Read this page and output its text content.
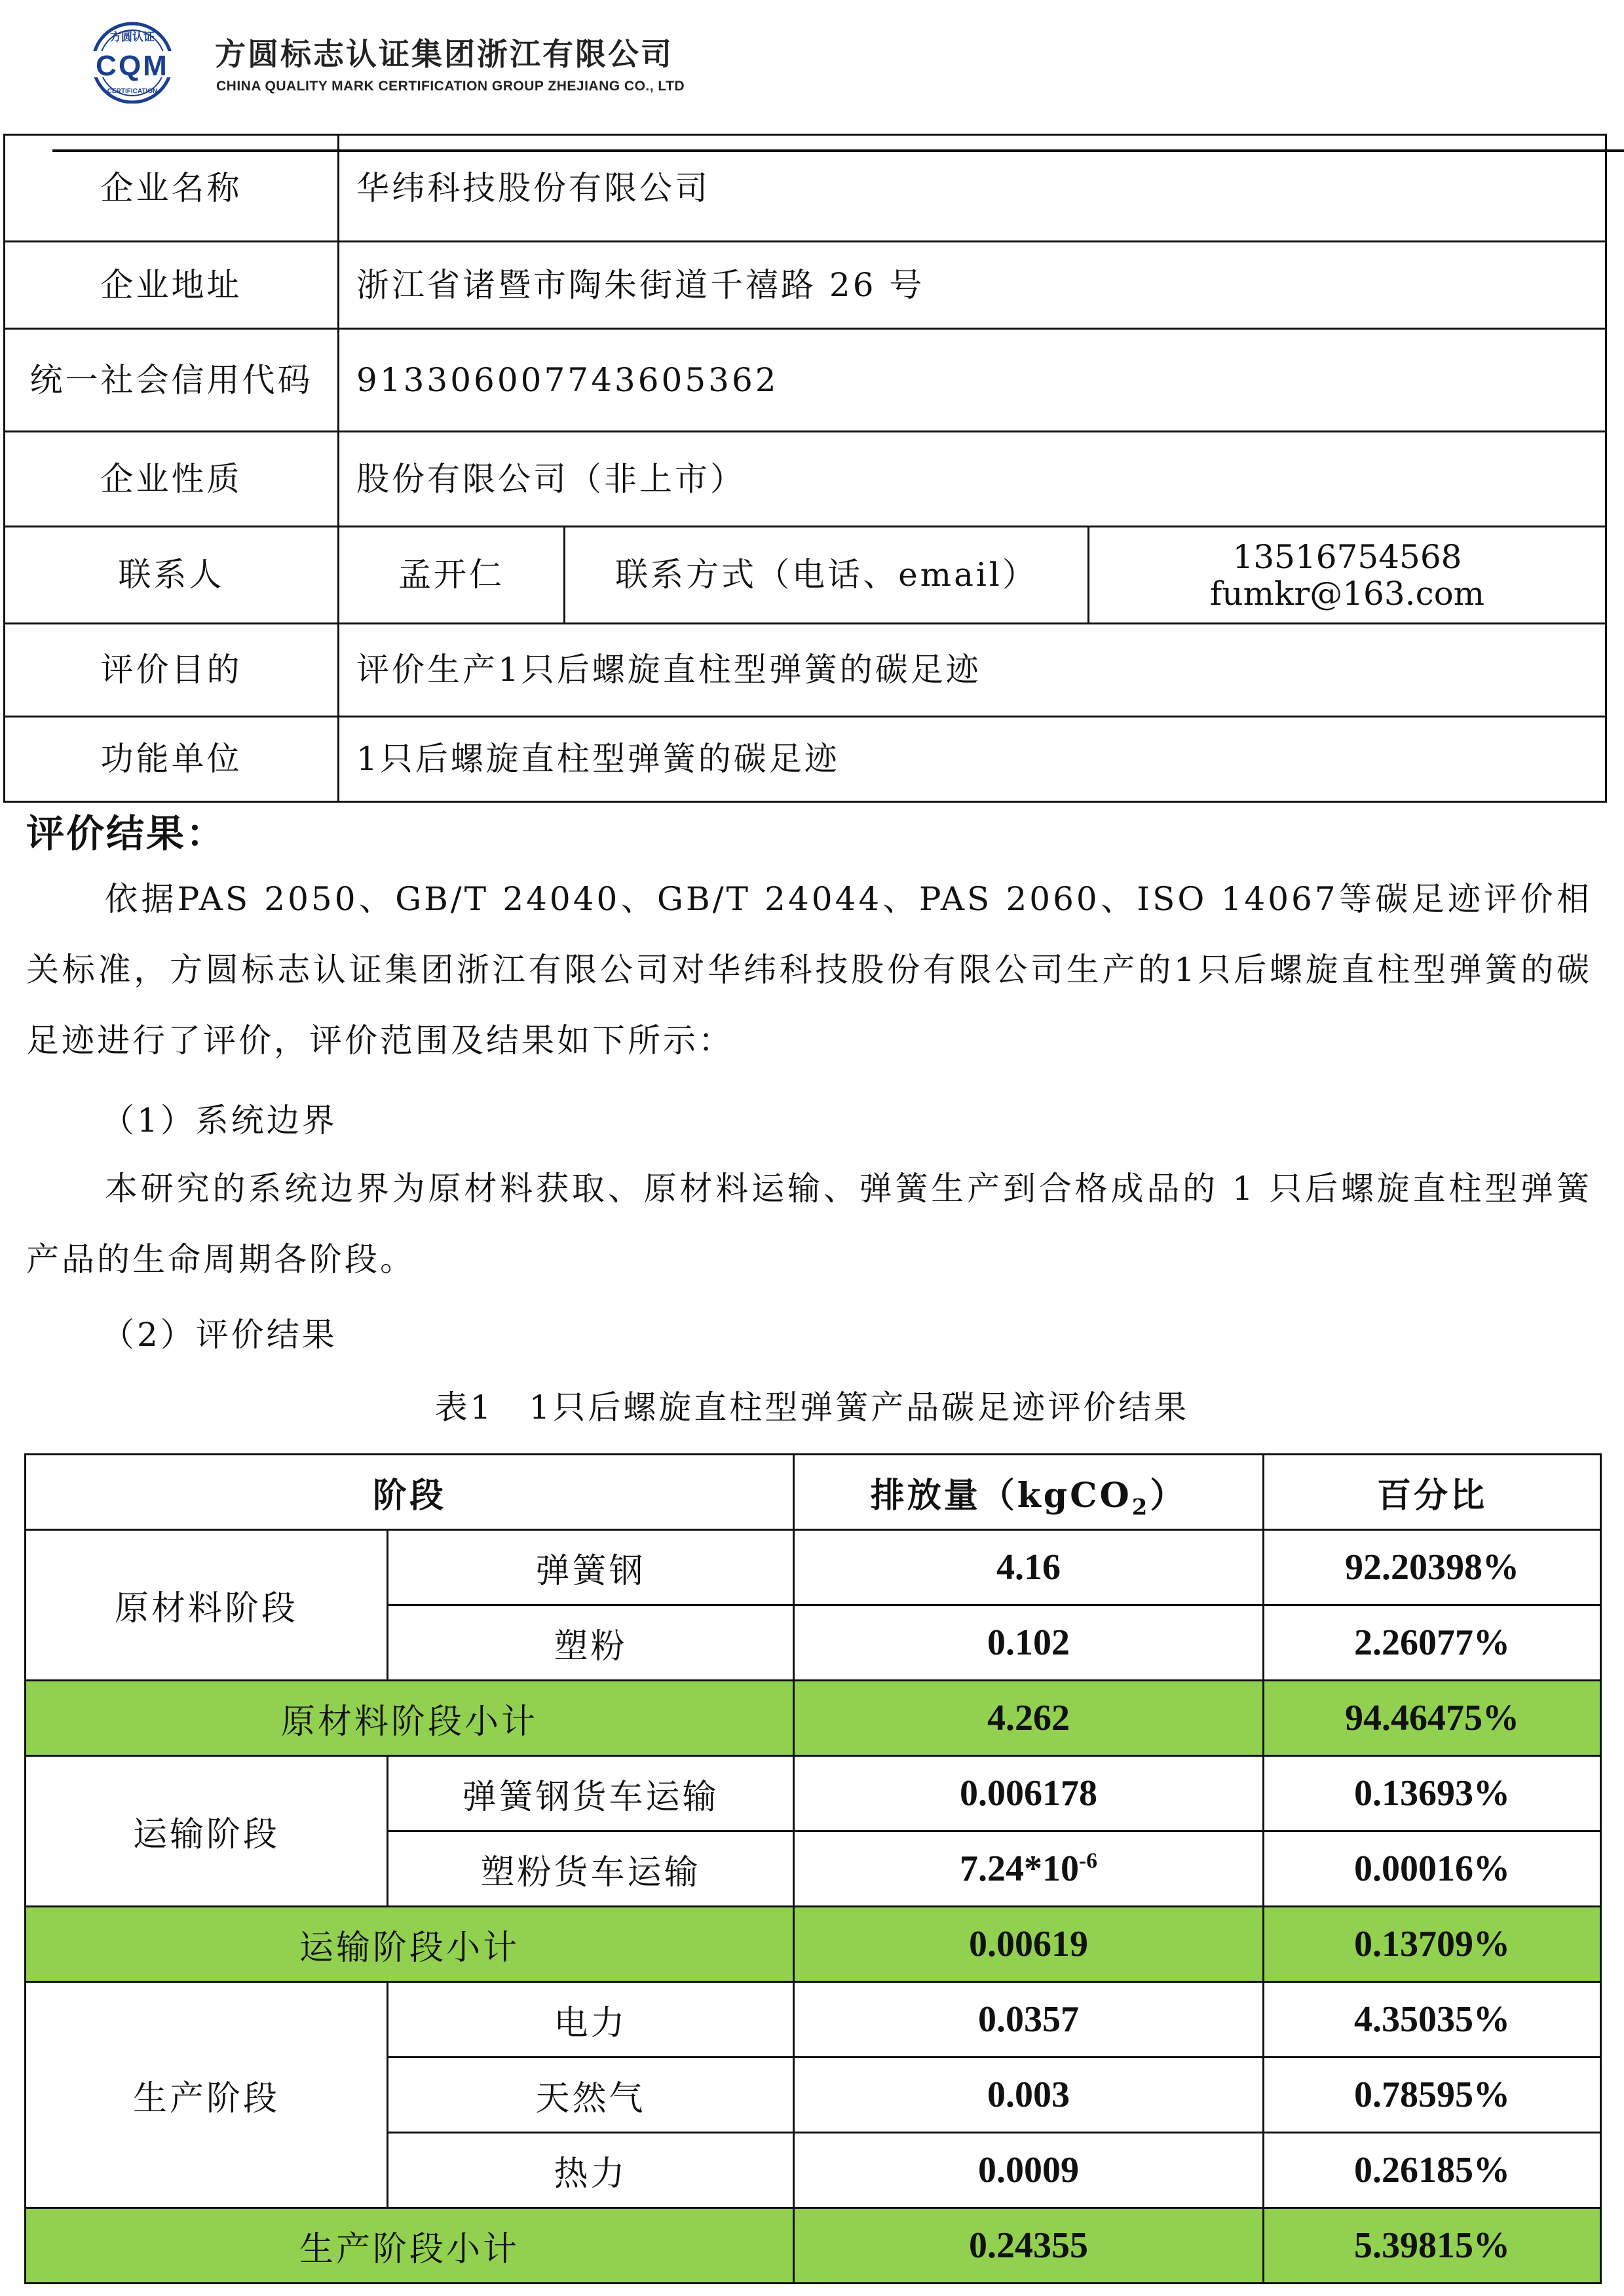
方圆认证
CQM
CERTIFICATION
方圆标志认证集团浙江有限公司
CHINA QUALITY MARK CERTIFICATION GROUP ZHEJIANG CO., LTD
企业名称	华纬科技股份有限公司		
企业地址	浙江省诸暨市陶朱街道千禧路 26 号		
统一社会信用代码	913306007743605362		
企业性质	股份有限公司（非上市）		
联系人	孟开仁	联系方式（电话、email）	13516754568
fumkr@163.com

评价目的	评价生产1只后螺旋直柱型弹簧的碳足迹		
功能单位	1只后螺旋直柱型弹簧的碳足迹		
评价结果：
依据PAS 2050、GB/T 24040、GB/T 24044、PAS 2060、ISO 14067等碳足迹评价相关标准，方圆标志认证集团浙江有限公司对华纬科技股份有限公司生产的1只后螺旋直柱型弹簧的碳足迹进行了评价，评价范围及结果如下所示：
（1）系统边界
本研究的系统边界为原材料获取、原材料运输、弹簧生产到合格成品的 1 只后螺旋直柱型弹簧产品的生命周期各阶段。
（2）评价结果
表1　1只后螺旋直柱型弹簧产品碳足迹评价结果
阶段		排放量（kgCO$_2$）	百分比
原材料阶段	弹簧钢	4.16	92.20398%
	塑粉	0.102	2.26077%
原材料阶段小计		4.262	94.46475%
运输阶段	弹簧钢货车运输	0.006178	0.13693%
	塑粉货车运输	$7.24*10^{-6}$	0.00016%
运输阶段小计		0.00619	0.13709%
生产阶段	电力	0.0357	4.35035%
	天然气	0.003	0.78595%
	热力	0.0009	0.26185%
生产阶段小计		0.24355	5.39815%
